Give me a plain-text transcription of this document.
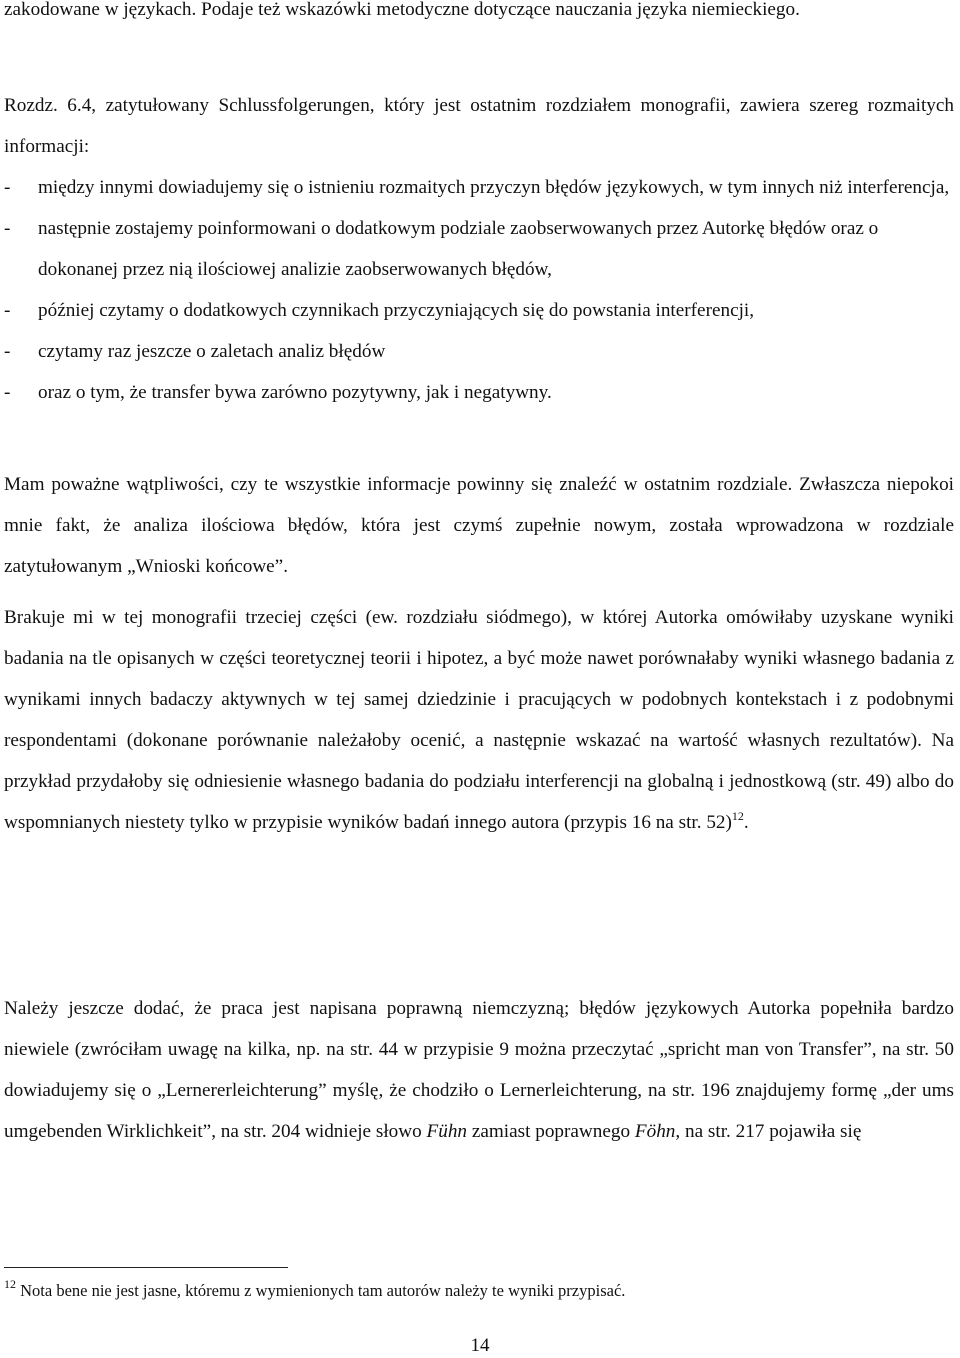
zakodowane w językach. Podaje też wskazówki metodyczne dotyczące nauczania języka niemieckiego.

Rozdz. 6.4, zatytułowany Schlussfolgerungen, który jest ostatnim rozdziałem monografii, zawiera szereg rozmaitych informacji:

-	między innymi dowiadujemy się o istnieniu rozmaitych przyczyn błędów językowych, w tym innych niż interferencja,
-	następnie zostajemy poinformowani o dodatkowym podziale zaobserwowanych przez Autorkę błędów oraz o dokonanej przez nią ilościowej analizie zaobserwowanych błędów,
-	później czytamy o dodatkowych czynnikach przyczyniających się do powstania interferencji,
-	czytamy raz jeszcze o zaletach analiz błędów
-	oraz o tym, że transfer bywa zarówno pozytywny, jak i negatywny.

Mam poważne wątpliwości, czy te wszystkie informacje powinny się znaleźć w ostatnim rozdziale. Zwłaszcza niepokoi mnie fakt, że analiza ilościowa błędów, która jest czymś zupełnie nowym, została wprowadzona w rozdziale zatytułowanym „Wnioski końcowe”.

Brakuje mi w tej monografii trzeciej części (ew. rozdziału siódmego), w której Autorka omówiłaby uzyskane wyniki badania na tle opisanych w części teoretycznej teorii i hipotez, a być może nawet porównałaby wyniki własnego badania z wynikami innych badaczy aktywnych w tej samej dziedzinie i pracujących w podobnych kontekstach i z podobnymi respondentami (dokonane porównanie należałoby ocenić, a następnie wskazać na wartość własnych rezultatów). Na przykład przydałoby się odniesienie własnego badania do podziału interferencji na globalną i jednostkową (str. 49) albo do wspomnianych niestety tylko w przypisie wyników badań innego autora (przypis 16 na str. 52)$^{12}$.

Należy jeszcze dodać, że praca jest napisana poprawną niemczyzną; błędów językowych Autorka popełniła bardzo niewiele (zwróciłam uwagę na kilka, np. na str. 44 w przypisie 9 można przeczytać „spricht man von Transfer”, na str. 50 dowiadujemy się o „Lernererleichterung” myślę, że chodziło o Lernerleichterung, na str. 196 znajdujemy formę „der ums umgebenden Wirklichkeit”, na str. 204 widnieje słowo Fühn zamiast poprawnego Föhn, na str. 217 pojawiła się

$^{12}$ Nota bene nie jest jasne, któremu z wymienionych tam autorów należy te wyniki przypisać.
14
